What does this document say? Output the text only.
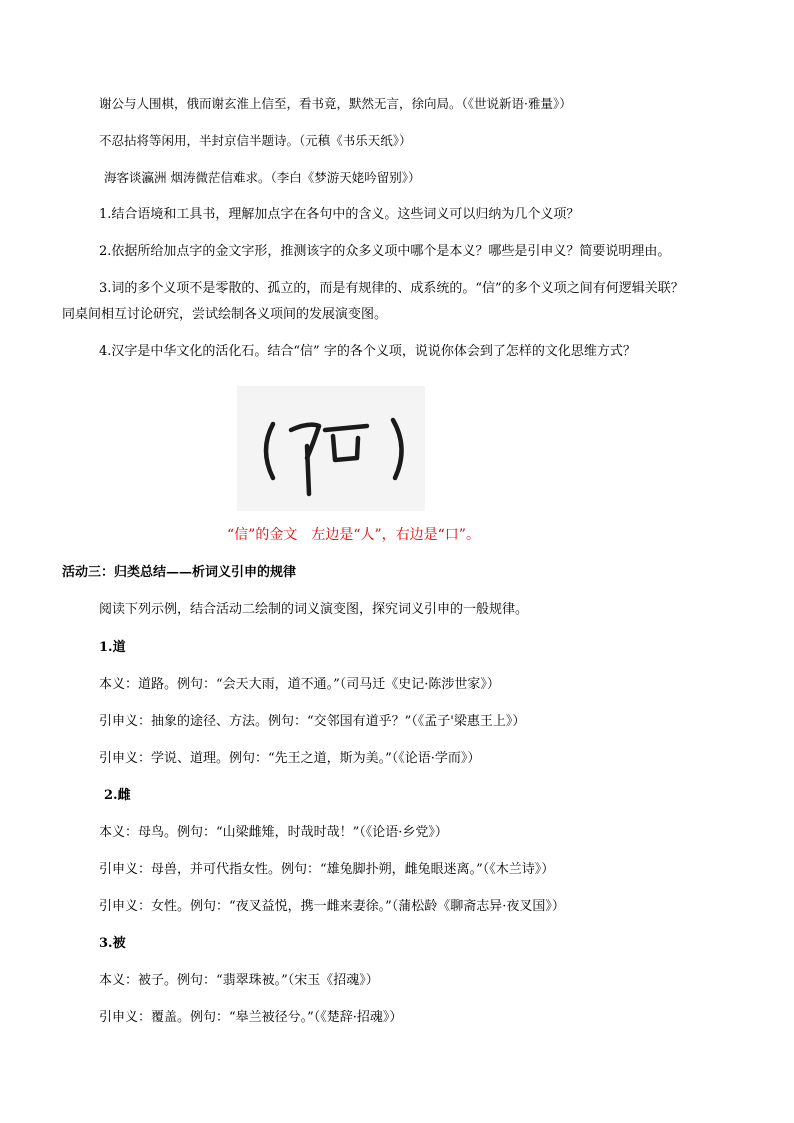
谢公与人围棋，俄而谢玄淮上信至，看书竟，默然无言，徐向局。（《世说新语·雅量》）
不忍拈将等闲用，半封京信半题诗。（元稹《书乐天纸》）
海客谈瀛洲 烟涛微茫信难求。（李白《梦游天姥吟留别》）
1.结合语境和工具书，理解加点字在各句中的含义。这些词义可以归纳为几个义项？
2.依据所给加点字的金文字形，推测该字的众多义项中哪个是本义？哪些是引申义？简要说明理由。
3.词的多个义项不是零散的、孤立的，而是有规律的、成系统的。“信”的多个义项之间有何逻辑关联？
同桌间相互讨论研究，尝试绘制各义项间的发展演变图。
4.汉字是中华文化的活化石。结合“信” 字的各个义项，说说你体会到了怎样的文化思维方式？
“信”的金文　左边是“人”，右边是“口”。
活动三：归类总结——析词义引申的规律
阅读下列示例，结合活动二绘制的词义演变图，探究词义引申的一般规律。
1.道
本义：道路。例句：“会天大雨，道不通。”（司马迁《史记·陈涉世家》）
引申义：抽象的途径、方法。例句：“交邻国有道乎？”（《孟子'梁惠王上》）
引申义：学说、道理。例句：“先王之道，斯为美。”（《论语·学而》）
2.雌
本义：母鸟。例句：“山梁雌雉，时哉时哉！”（《论语·乡党》）
引申义：母兽，并可代指女性。例句：“雄兔脚扑朔，雌兔眼迷离。”（《木兰诗》）
引申义：女性。例句：“夜叉益悦，携一雌来妻徐。”（蒲松龄《聊斋志异·夜叉国》）
3.被
本义：被子。例句：“翡翠珠被。”（宋玉《招魂》）
引申义：覆盖。例句：“皋兰被径兮。”（《楚辞·招魂》）
